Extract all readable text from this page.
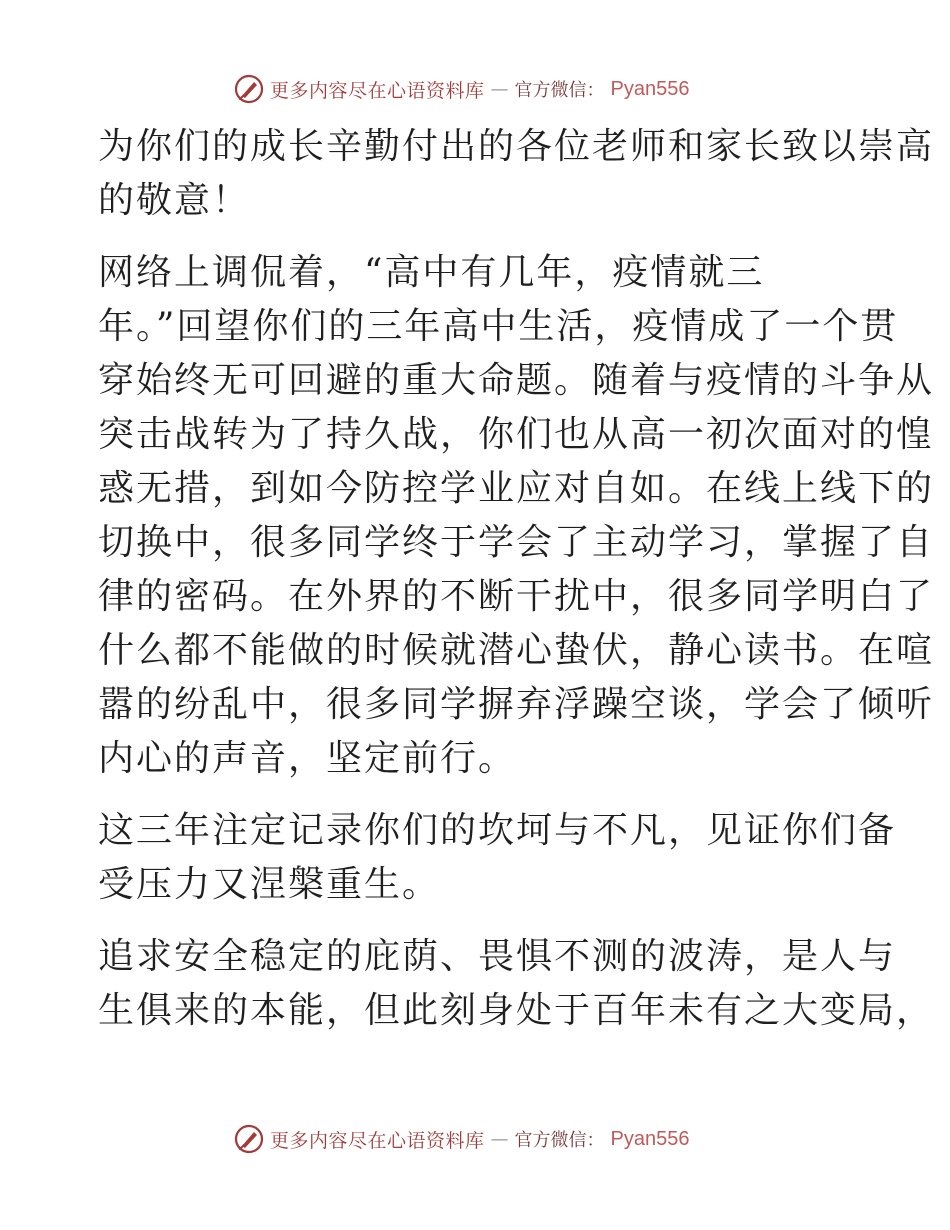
更多内容尽在心语资料库 — 官方微信： Pyan556

为你们的成长辛勤付出的各位老师和家长致以崇高
的敬意！

网络上调侃着，“高中有几年，疫情就三
年。”回望你们的三年高中生活，疫情成了一个贯
穿始终无可回避的重大命题。随着与疫情的斗争从
突击战转为了持久战，你们也从高一初次面对的惶
惑无措，到如今防控学业应对自如。在线上线下的
切换中，很多同学终于学会了主动学习，掌握了自
律的密码。在外界的不断干扰中，很多同学明白了
什么都不能做的时候就潜心蛰伏，静心读书。在喧
嚣的纷乱中，很多同学摒弃浮躁空谈，学会了倾听
内心的声音，坚定前行。

这三年注定记录你们的坎坷与不凡，见证你们备
受压力又涅槃重生。

追求安全稳定的庇荫、畏惧不测的波涛，是人与
生俱来的本能，但此刻身处于百年未有之大变局，

更多内容尽在心语资料库 — 官方微信： Pyan556
